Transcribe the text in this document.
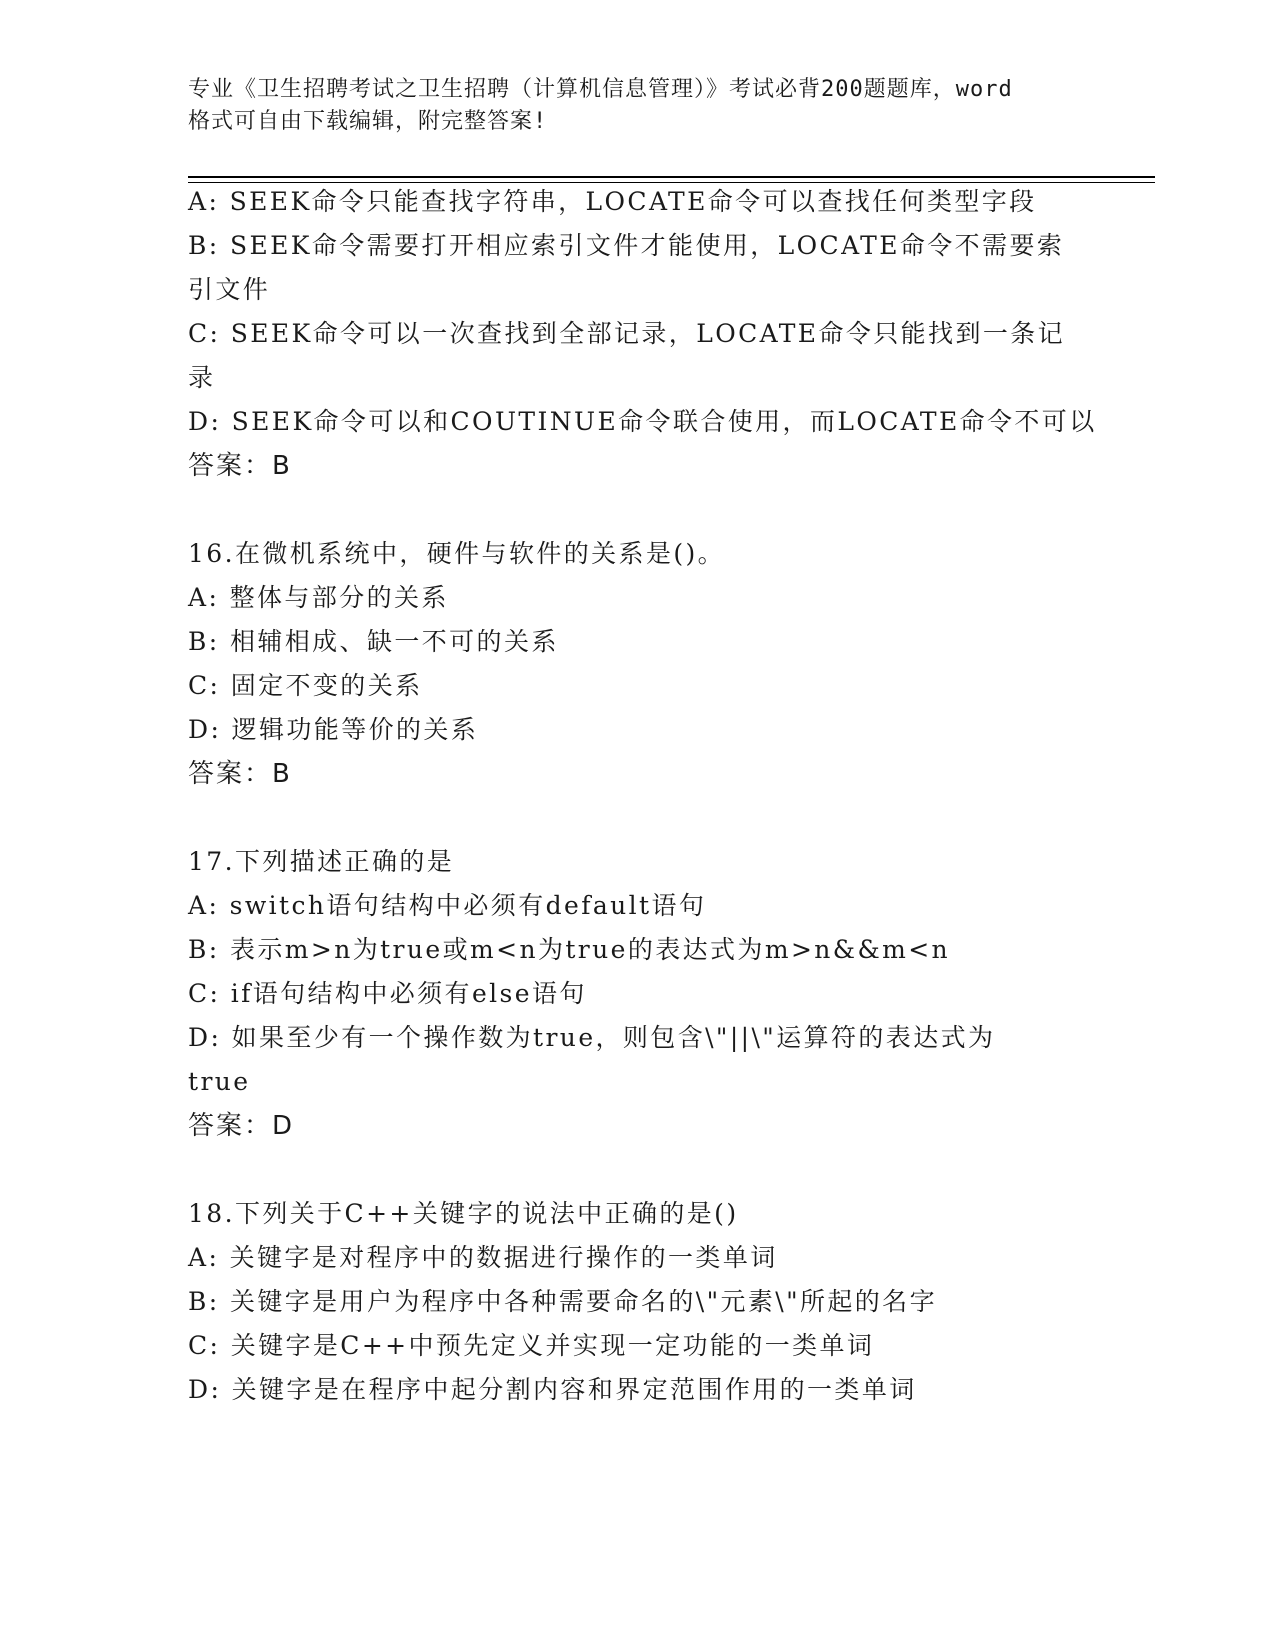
专业《卫生招聘考试之卫生招聘（计算机信息管理）》考试必背200题题库，word
格式可自由下载编辑，附完整答案!
A: SEEK命令只能查找字符串，LOCATE命令可以查找任何类型字段
B: SEEK命令需要打开相应索引文件才能使用，LOCATE命令不需要索
引文件
C: SEEK命令可以一次查找到全部记录，LOCATE命令只能找到一条记
录
D: SEEK命令可以和COUTINUE命令联合使用，而LOCATE命令不可以
答案：B
16.在微机系统中，硬件与软件的关系是()。
A: 整体与部分的关系
B: 相辅相成、缺一不可的关系
C: 固定不变的关系
D: 逻辑功能等价的关系
答案：B
17.下列描述正确的是
A: switch语句结构中必须有default语句
B: 表示m>n为true或m<n为true的表达式为m>n&&m<n
C: if语句结构中必须有else语句
D: 如果至少有一个操作数为true，则包含\"||\"运算符的表达式为
true
答案：D
18.下列关于C++关键字的说法中正确的是()
A: 关键字是对程序中的数据进行操作的一类单词
B: 关键字是用户为程序中各种需要命名的\"元素\"所起的名字
C: 关键字是C++中预先定义并实现一定功能的一类单词
D: 关键字是在程序中起分割内容和界定范围作用的一类单词
